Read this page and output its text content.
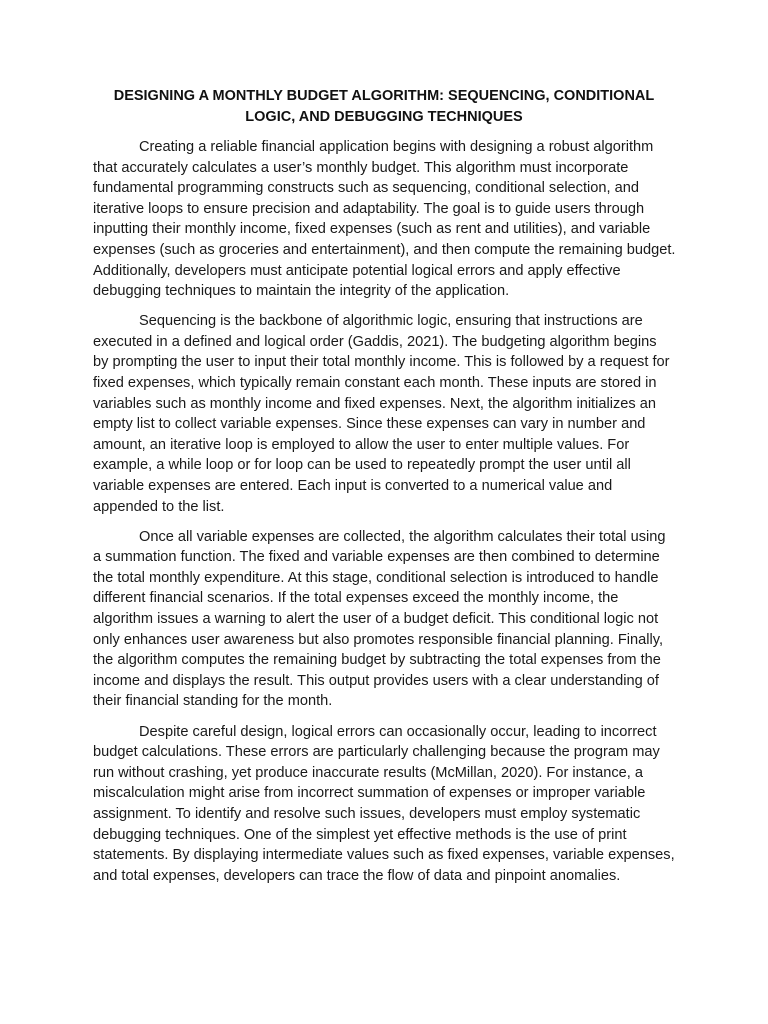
DESIGNING A MONTHLY BUDGET ALGORITHM: SEQUENCING, CONDITIONAL LOGIC, AND DEBUGGING TECHNIQUES

Creating a reliable financial application begins with designing a robust algorithm that accurately calculates a user’s monthly budget. This algorithm must incorporate fundamental programming constructs such as sequencing, conditional selection, and iterative loops to ensure precision and adaptability. The goal is to guide users through inputting their monthly income, fixed expenses (such as rent and utilities), and variable expenses (such as groceries and entertainment), and then compute the remaining budget. Additionally, developers must anticipate potential logical errors and apply effective debugging techniques to maintain the integrity of the application.

Sequencing is the backbone of algorithmic logic, ensuring that instructions are executed in a defined and logical order (Gaddis, 2021). The budgeting algorithm begins by prompting the user to input their total monthly income. This is followed by a request for fixed expenses, which typically remain constant each month. These inputs are stored in variables such as monthly income and fixed expenses. Next, the algorithm initializes an empty list to collect variable expenses. Since these expenses can vary in number and amount, an iterative loop is employed to allow the user to enter multiple values. For example, a while loop or for loop can be used to repeatedly prompt the user until all variable expenses are entered. Each input is converted to a numerical value and appended to the list.

Once all variable expenses are collected, the algorithm calculates their total using a summation function. The fixed and variable expenses are then combined to determine the total monthly expenditure. At this stage, conditional selection is introduced to handle different financial scenarios. If the total expenses exceed the monthly income, the algorithm issues a warning to alert the user of a budget deficit. This conditional logic not only enhances user awareness but also promotes responsible financial planning. Finally, the algorithm computes the remaining budget by subtracting the total expenses from the income and displays the result. This output provides users with a clear understanding of their financial standing for the month.

Despite careful design, logical errors can occasionally occur, leading to incorrect budget calculations. These errors are particularly challenging because the program may run without crashing, yet produce inaccurate results (McMillan, 2020). For instance, a miscalculation might arise from incorrect summation of expenses or improper variable assignment. To identify and resolve such issues, developers must employ systematic debugging techniques. One of the simplest yet effective methods is the use of print statements. By displaying intermediate values such as fixed expenses, variable expenses, and total expenses, developers can trace the flow of data and pinpoint anomalies.
